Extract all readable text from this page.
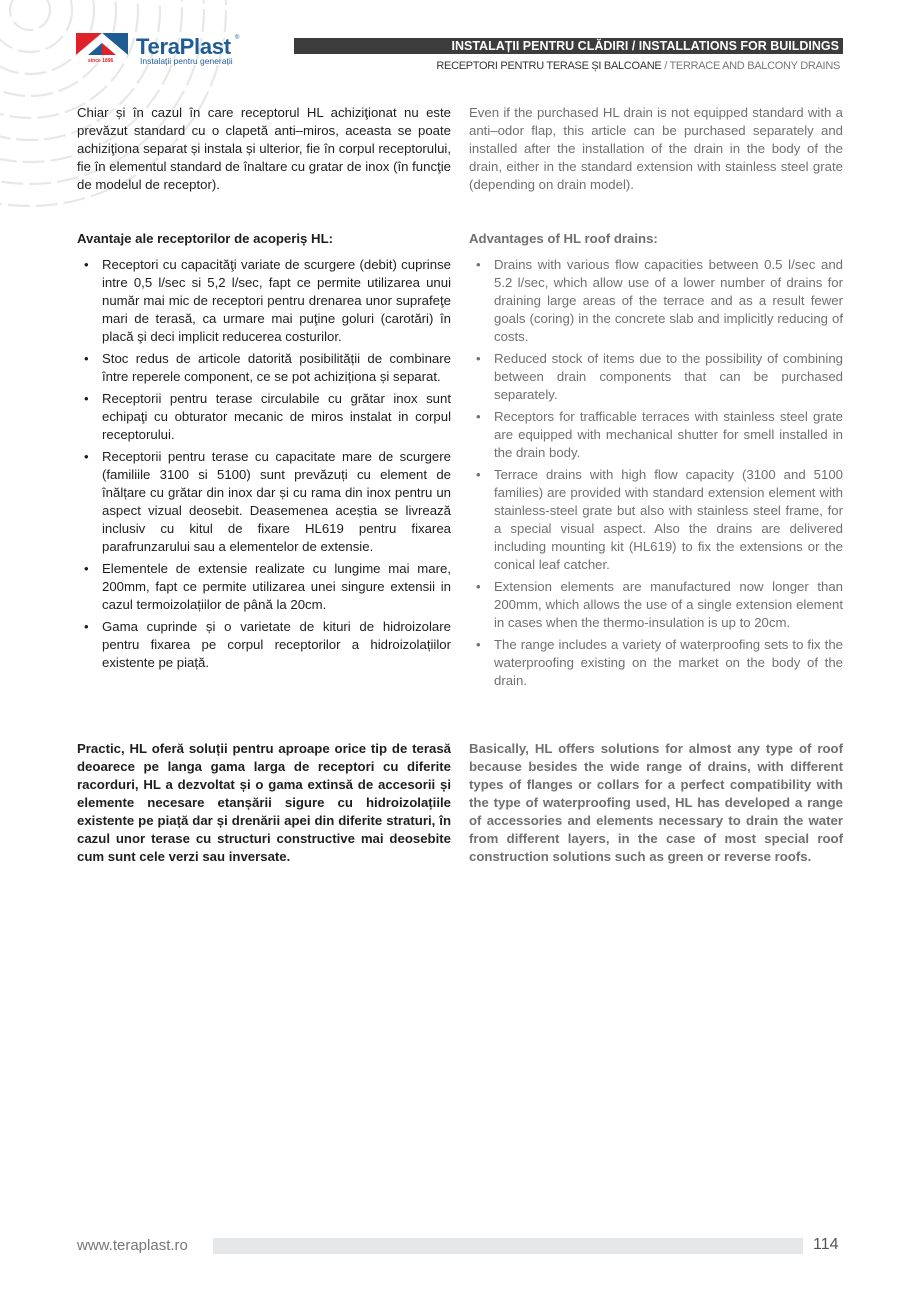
since 1896
TeraPlast ®
Instalații pentru generații
INSTALAȚII PENTRU CLĂDIRI / INSTALLATIONS FOR BUILDINGS
RECEPTORI PENTRU TERASE ȘI BALCOANE / TERRACE AND BALCONY DRAINS

Chiar și în cazul în care receptorul HL achiziţionat nu este prevăzut standard cu o clapetă anti–miros, aceasta se poate achiziţiona separat și instala și ulterior, fie în corpul receptorului, fie în elementul standard de înaltare cu gratar de inox (în funcţie de modelul de receptor).

Even if the purchased HL drain is not equipped standard with a anti–odor flap, this article can be purchased separately and installed after the installation of the drain in the body of the drain, either in the standard extension with stainless steel grate (depending on drain model).

Avantaje ale receptorilor de acoperiș HL:	Advantages of HL roof drains:

• Receptori cu capacităţi variate de scurgere (debit) cuprinse intre 0,5 l/sec si 5,2 l/sec, fapt ce permite utilizarea unui număr mai mic de receptori pentru drenarea unor suprafeţe mari de terasă, ca urmare mai puţine goluri (carotări) în placă şi deci implicit reducerea costurilor.
• Stoc redus de articole datorită posibilității de combinare între reperele component, ce se pot achiziționa și separat.
• Receptorii pentru terase circulabile cu grătar inox sunt echipaţi cu obturator mecanic de miros instalat in corpul receptorului.
• Receptorii pentru terase cu capacitate mare de scurgere (familiile 3100 si 5100) sunt prevăzuți cu element de înălțare cu grătar din inox dar și cu rama din inox pentru un aspect vizual deosebit. Deasemenea aceștia se livrează inclusiv cu kitul de fixare HL619 pentru fixarea parafrunzarului sau a elementelor de extensie.
• Elementele de extensie realizate cu lungime mai mare, 200mm, fapt ce permite utilizarea unei singure extensii in cazul termoizolațiilor de până la 20cm.
• Gama cuprinde și o varietate de kituri de hidroizolare pentru fixarea pe corpul receptorilor a hidroizolațiilor existente pe piață.
• Drains with various flow capacities between 0.5 l/sec and 5.2 l/sec, which allow use of a lower number of drains for draining large areas of the terrace and as a result fewer goals (coring) in the concrete slab and implicitly reducing of costs.
• Reduced stock of items due to the possibility of combining between drain components that can be purchased separately.
• Receptors for trafficable terraces with stainless steel grate are equipped with mechanical shutter for smell installed in the drain body.
• Terrace drains with high flow capacity (3100 and 5100 families) are provided with standard extension element with stainless-steel grate but also with stainless steel frame, for a special visual aspect. Also the drains are delivered including mounting kit (HL619) to fix the extensions or the conical leaf catcher.
• Extension elements are manufactured now longer than 200mm, which allows the use of a single extension element in cases when the thermo-insulation is up to 20cm.
• The range includes a variety of waterproofing sets to fix the waterproofing existing on the market on the body of the drain.

Practic, HL oferă soluții pentru aproape orice tip de terasă deoarece pe langa gama larga de receptori cu diferite racorduri, HL a dezvoltat și o gama extinsă de accesorii și elemente necesare etanșării sigure cu hidroizolațiile existente pe piață dar și drenării apei din diferite straturi, în cazul unor terase cu structuri constructive mai deosebite cum sunt cele verzi sau inversate.

Basically, HL offers solutions for almost any type of roof because besides the wide range of drains, with different types of flanges or collars for a perfect compatibility with the type of waterproofing used, HL has developed a range of accessories and elements necessary to drain the water from different layers, in the case of most special roof construction solutions such as green or reverse roofs.

www.teraplast.ro	114
